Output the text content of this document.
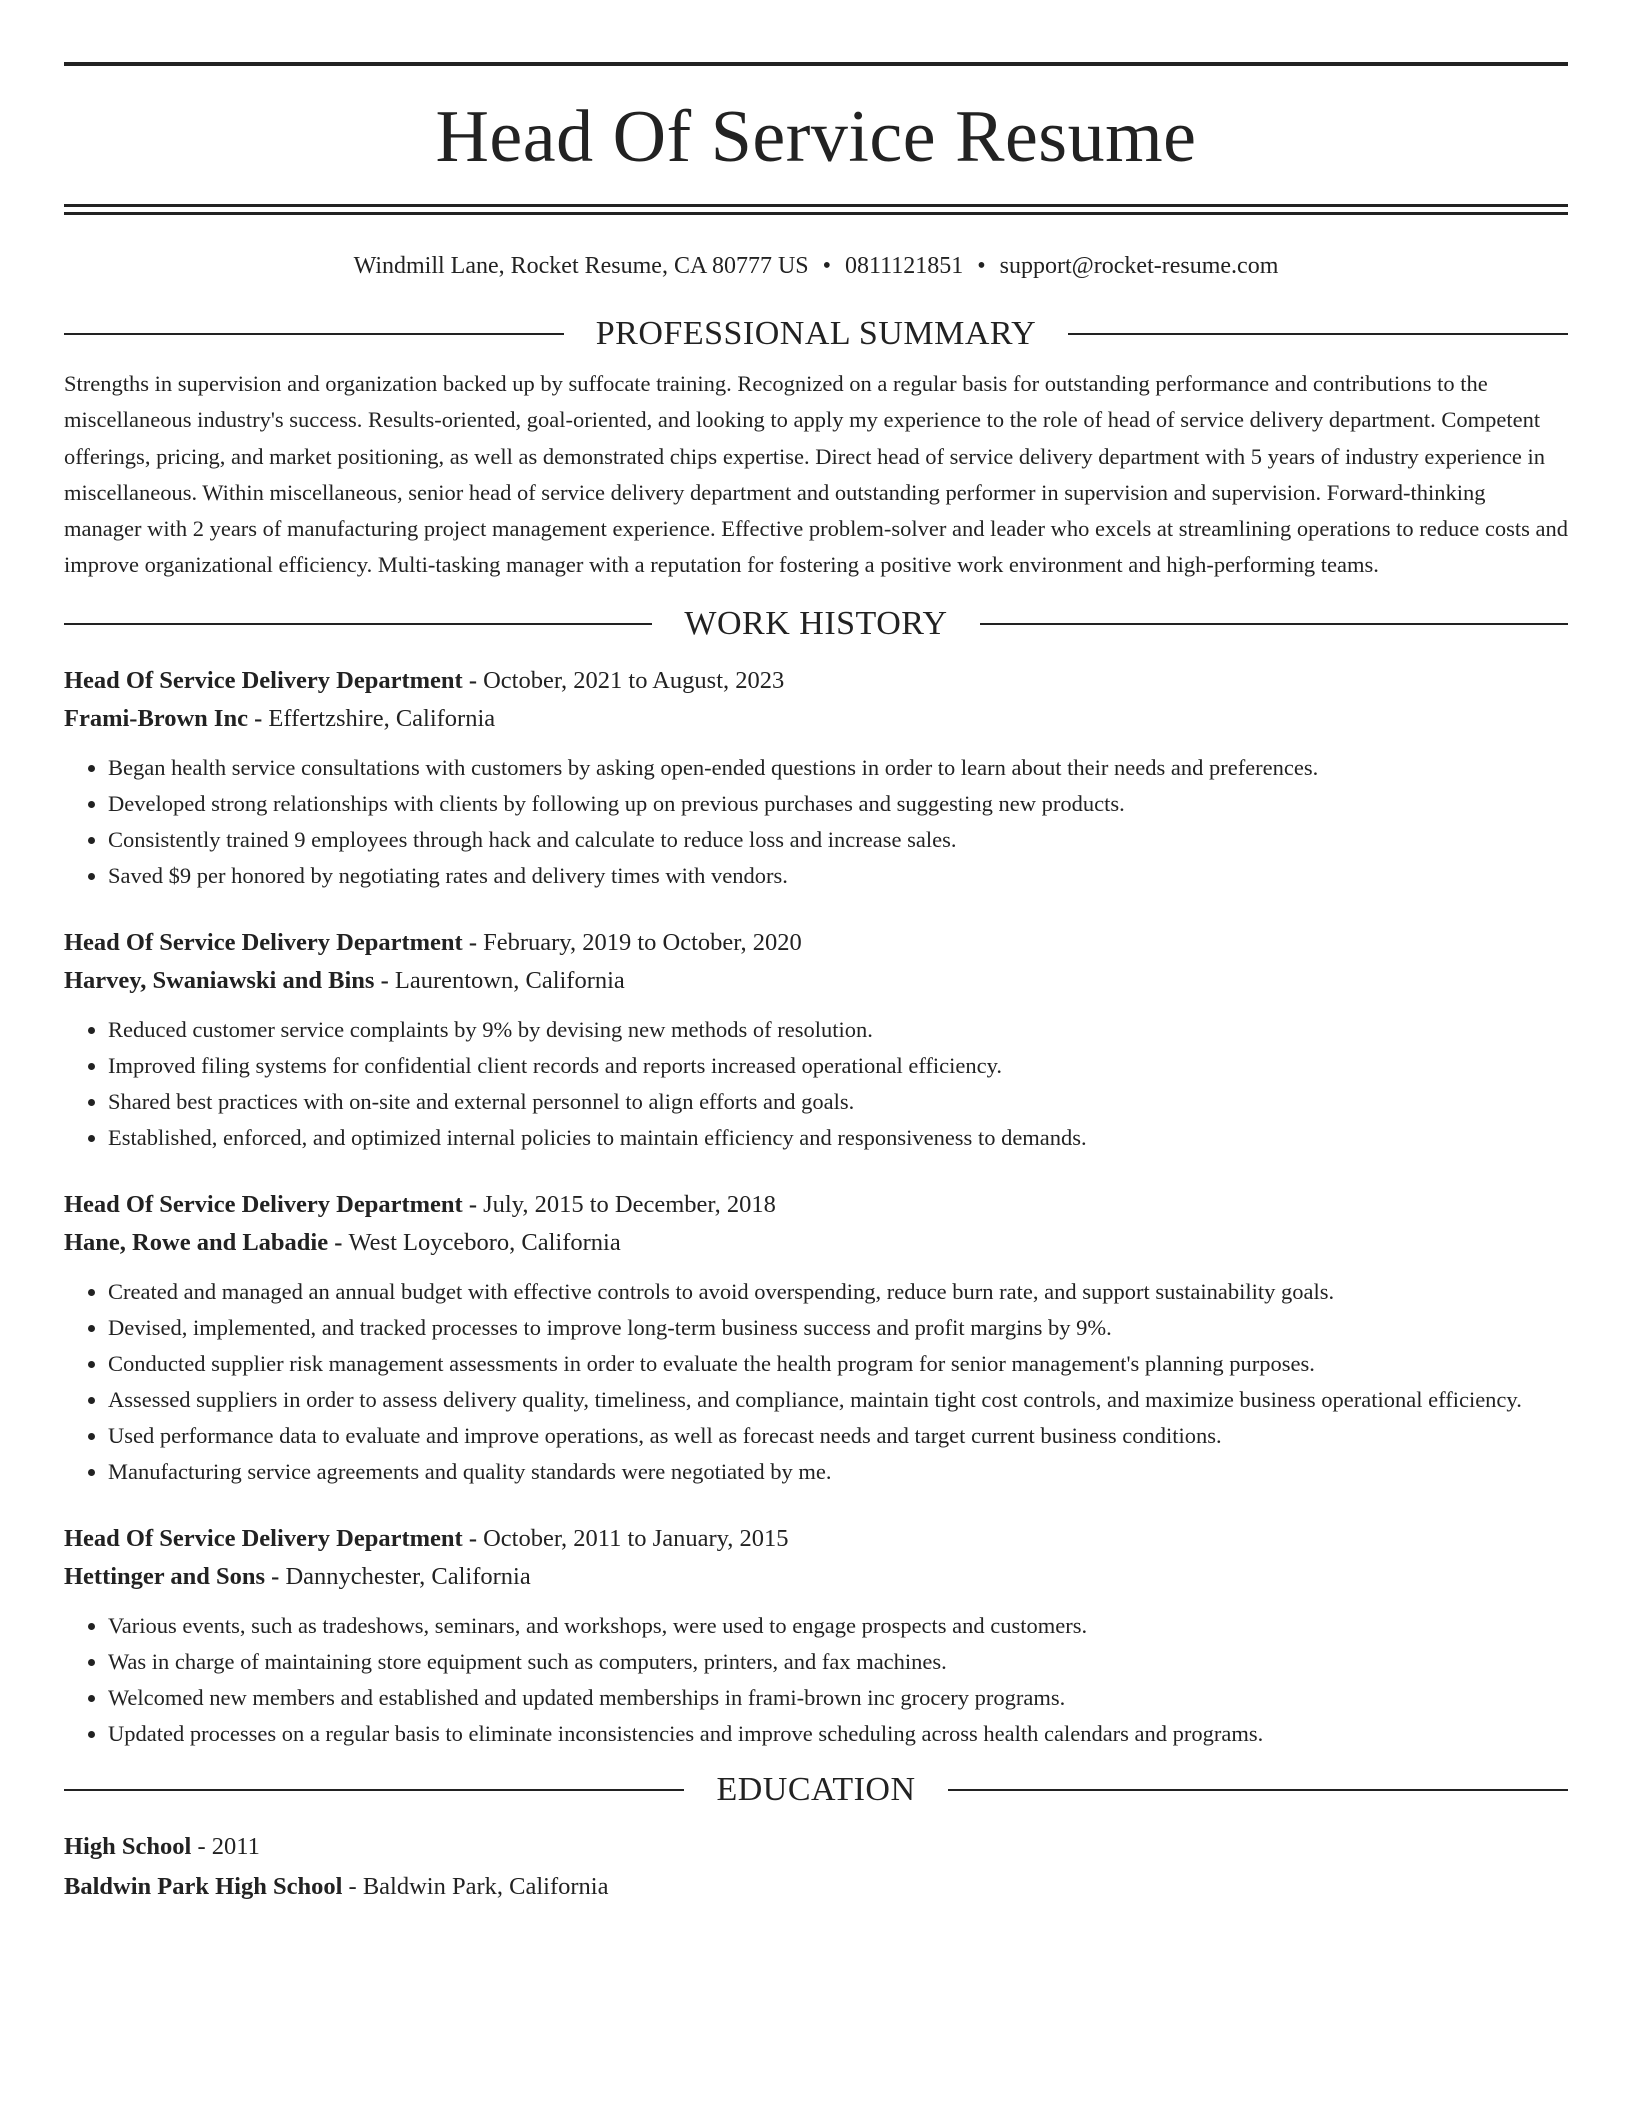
Head Of Service Resume
Windmill Lane, Rocket Resume, CA 80777 US • 0811121851 • support@rocket-resume.com
PROFESSIONAL SUMMARY

Strengths in supervision and organization backed up by suffocate training. Recognized on a regular basis for outstanding performance and contributions to the miscellaneous industry's success. Results-oriented, goal-oriented, and looking to apply my experience to the role of head of service delivery department. Competent offerings, pricing, and market positioning, as well as demonstrated chips expertise. Direct head of service delivery department with 5 years of industry experience in miscellaneous. Within miscellaneous, senior head of service delivery department and outstanding performer in supervision and supervision. Forward-thinking manager with 2 years of manufacturing project management experience. Effective problem-solver and leader who excels at streamlining operations to reduce costs and improve organizational efficiency. Multi-tasking manager with a reputation for fostering a positive work environment and high-performing teams.

WORK HISTORY
Head Of Service Delivery Department - October, 2021 to August, 2023
Frami-Brown Inc - Effertzshire, California
• Began health service consultations with customers by asking open-ended questions in order to learn about their needs and preferences.
• Developed strong relationships with clients by following up on previous purchases and suggesting new products.
• Consistently trained 9 employees through hack and calculate to reduce loss and increase sales.
• Saved $9 per honored by negotiating rates and delivery times with vendors.
Head Of Service Delivery Department - February, 2019 to October, 2020
Harvey, Swaniawski and Bins - Laurentown, California
• Reduced customer service complaints by 9% by devising new methods of resolution.
• Improved filing systems for confidential client records and reports increased operational efficiency.
• Shared best practices with on-site and external personnel to align efforts and goals.
• Established, enforced, and optimized internal policies to maintain efficiency and responsiveness to demands.
Head Of Service Delivery Department - July, 2015 to December, 2018
Hane, Rowe and Labadie - West Loyceboro, California
• Created and managed an annual budget with effective controls to avoid overspending, reduce burn rate, and support sustainability goals.
• Devised, implemented, and tracked processes to improve long-term business success and profit margins by 9%.
• Conducted supplier risk management assessments in order to evaluate the health program for senior management's planning purposes.
• Assessed suppliers in order to assess delivery quality, timeliness, and compliance, maintain tight cost controls, and maximize business operational efficiency.
• Used performance data to evaluate and improve operations, as well as forecast needs and target current business conditions.
• Manufacturing service agreements and quality standards were negotiated by me.
Head Of Service Delivery Department - October, 2011 to January, 2015
Hettinger and Sons - Dannychester, California
• Various events, such as tradeshows, seminars, and workshops, were used to engage prospects and customers.
• Was in charge of maintaining store equipment such as computers, printers, and fax machines.
• Welcomed new members and established and updated memberships in frami-brown inc grocery programs.
• Updated processes on a regular basis to eliminate inconsistencies and improve scheduling across health calendars and programs.
EDUCATION
High School - 2011
Baldwin Park High School - Baldwin Park, California
